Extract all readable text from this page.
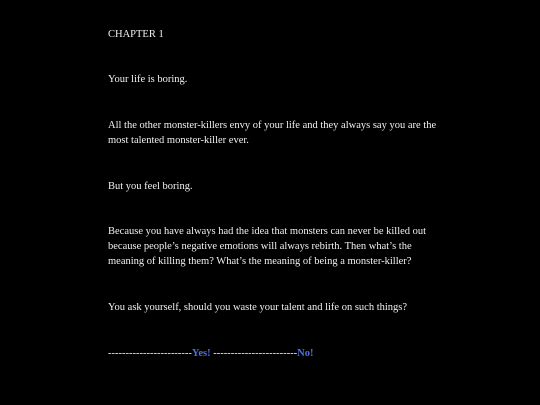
CHAPTER 1

Your life is boring.

All the other monster-killers envy of your life and they always say you are the most talented monster-killer ever.

But you feel boring.

Because you have always had the idea that monsters can never be killed out because people’s negative emotions will always rebirth. Then what’s the meaning of killing them? What’s the meaning of being a monster-killer?

You ask yourself, should you waste your talent and life on such things?

------------------------Yes! ------------------------No!
